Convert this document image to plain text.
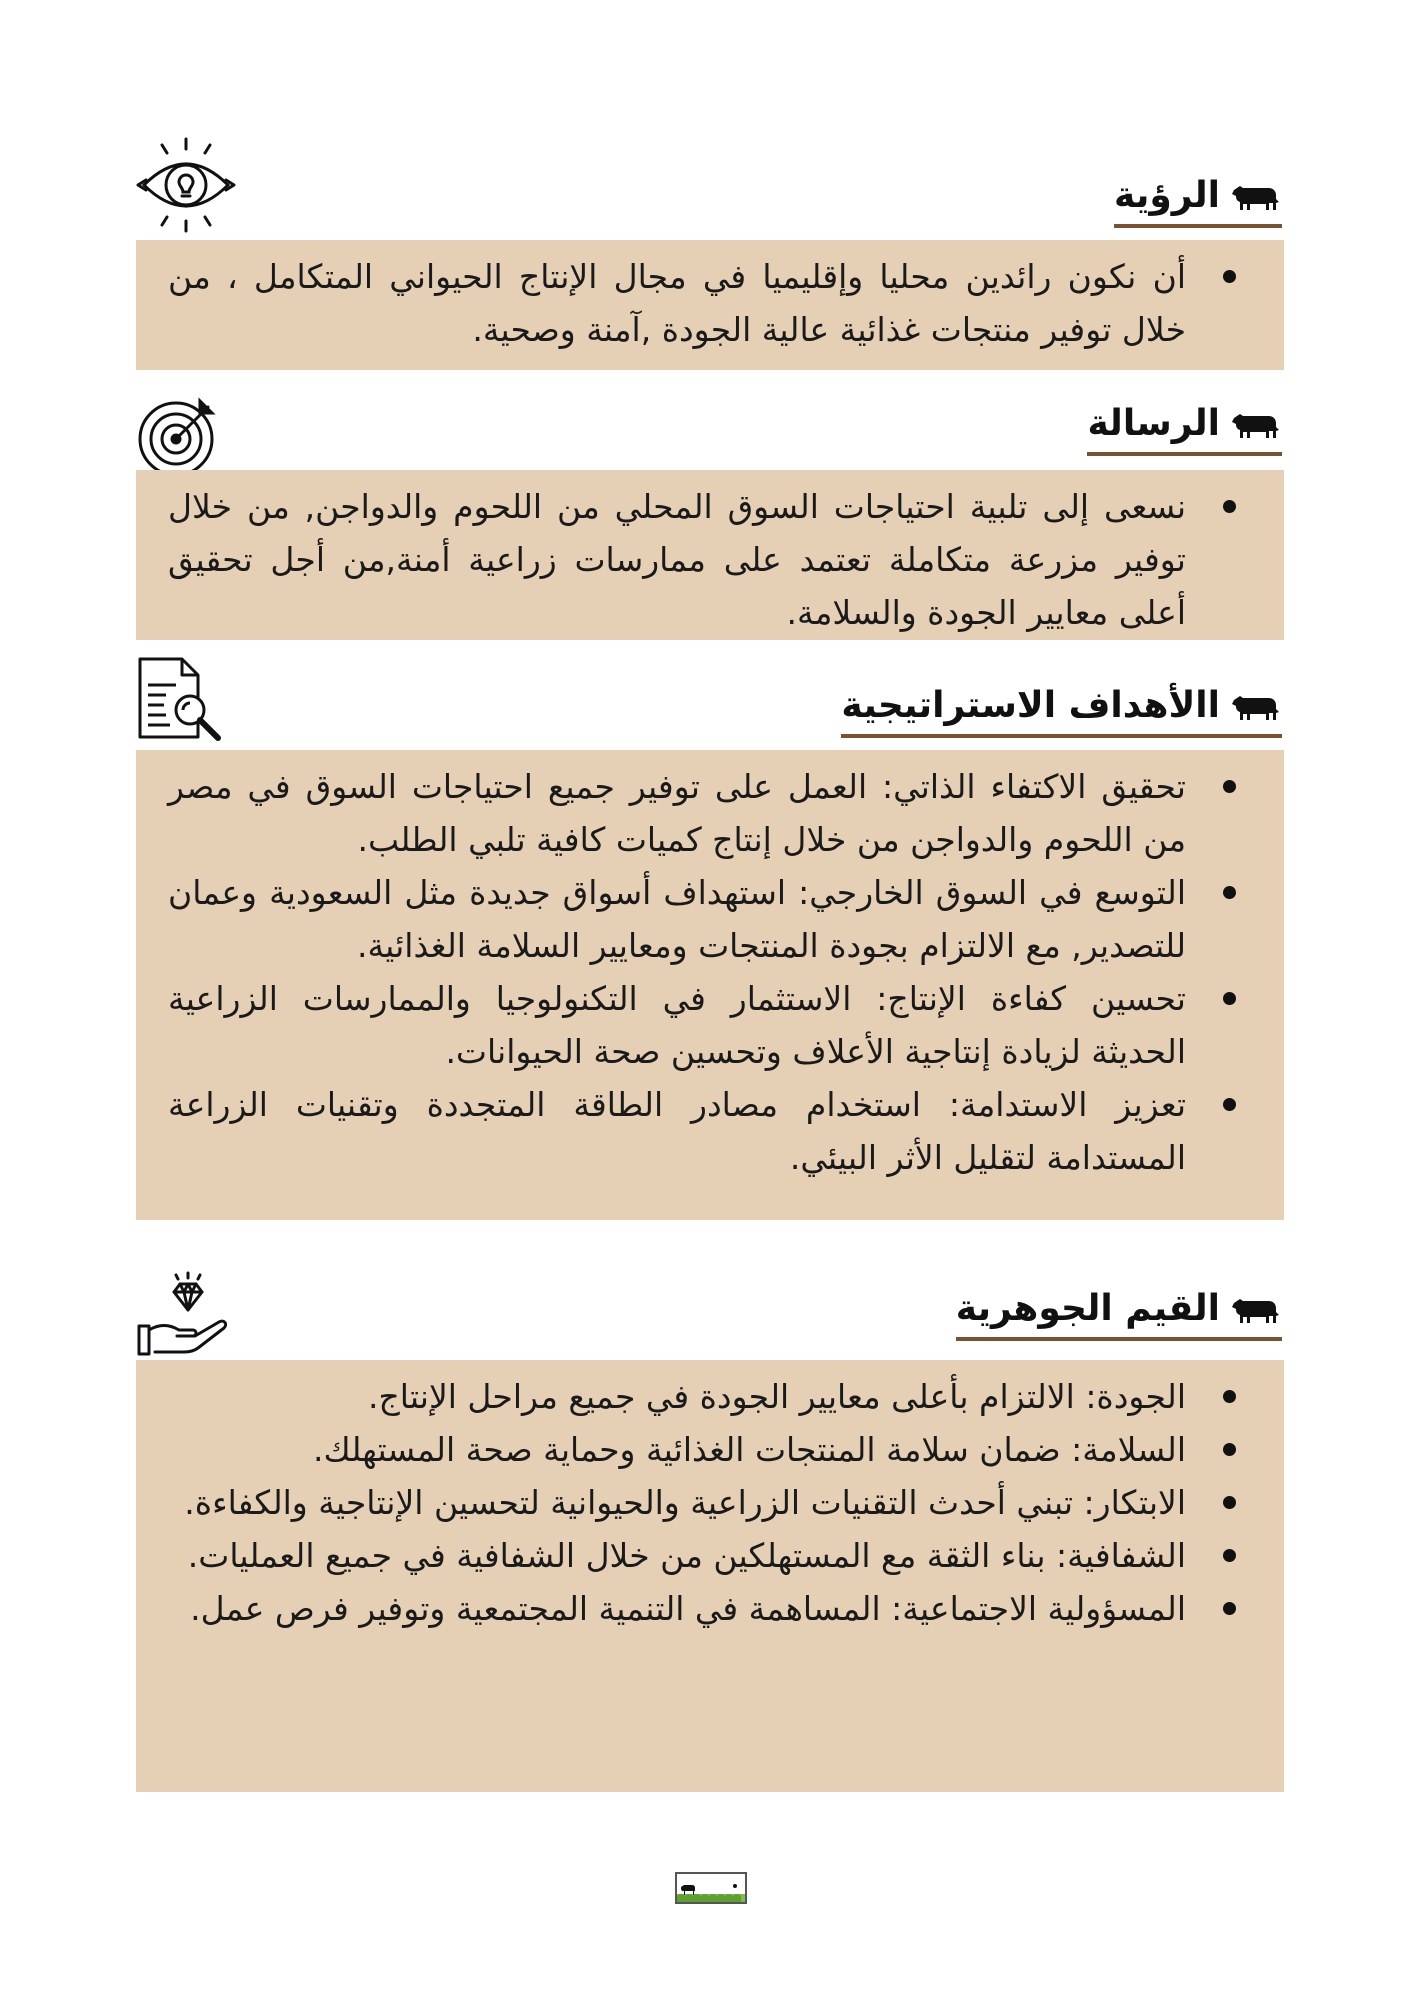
الرؤية
أن نكون رائدين محليا وإقليميا في مجال الإنتاج الحيواني المتكامل ، من خلال توفير منتجات غذائية عالية الجودة ,آمنة وصحية.
الرسالة
نسعى إلى تلبية احتياجات السوق المحلي من اللحوم والدواجن, من خلال توفير مزرعة متكاملة تعتمد على ممارسات زراعية أمنة,من أجل تحقيق أعلى معايير الجودة والسلامة.
االأهداف الاستراتيجية
تحقيق الاكتفاء الذاتي: العمل على توفير جميع احتياجات السوق في مصر من اللحوم والدواجن من خلال إنتاج كميات كافية تلبي الطلب.
التوسع في السوق الخارجي: استهداف أسواق جديدة مثل السعودية وعمان للتصدير, مع الالتزام بجودة المنتجات ومعايير السلامة الغذائية.
تحسين كفاءة الإنتاج: الاستثمار في التكنولوجيا والممارسات الزراعية الحديثة لزيادة إنتاجية الأعلاف وتحسين صحة الحيوانات.
تعزيز الاستدامة: استخدام مصادر الطاقة المتجددة وتقنيات الزراعة المستدامة لتقليل الأثر البيئي.
القيم الجوهرية
الجودة: الالتزام بأعلى معايير الجودة في جميع مراحل الإنتاج.
السلامة: ضمان سلامة المنتجات الغذائية وحماية صحة المستهلك.
الابتكار: تبني أحدث التقنيات الزراعية والحيوانية لتحسين الإنتاجية والكفاءة.
الشفافية: بناء الثقة مع المستهلكين من خلال الشفافية في جميع العمليات.
المسؤولية الاجتماعية: المساهمة في التنمية المجتمعية وتوفير فرص عمل.
